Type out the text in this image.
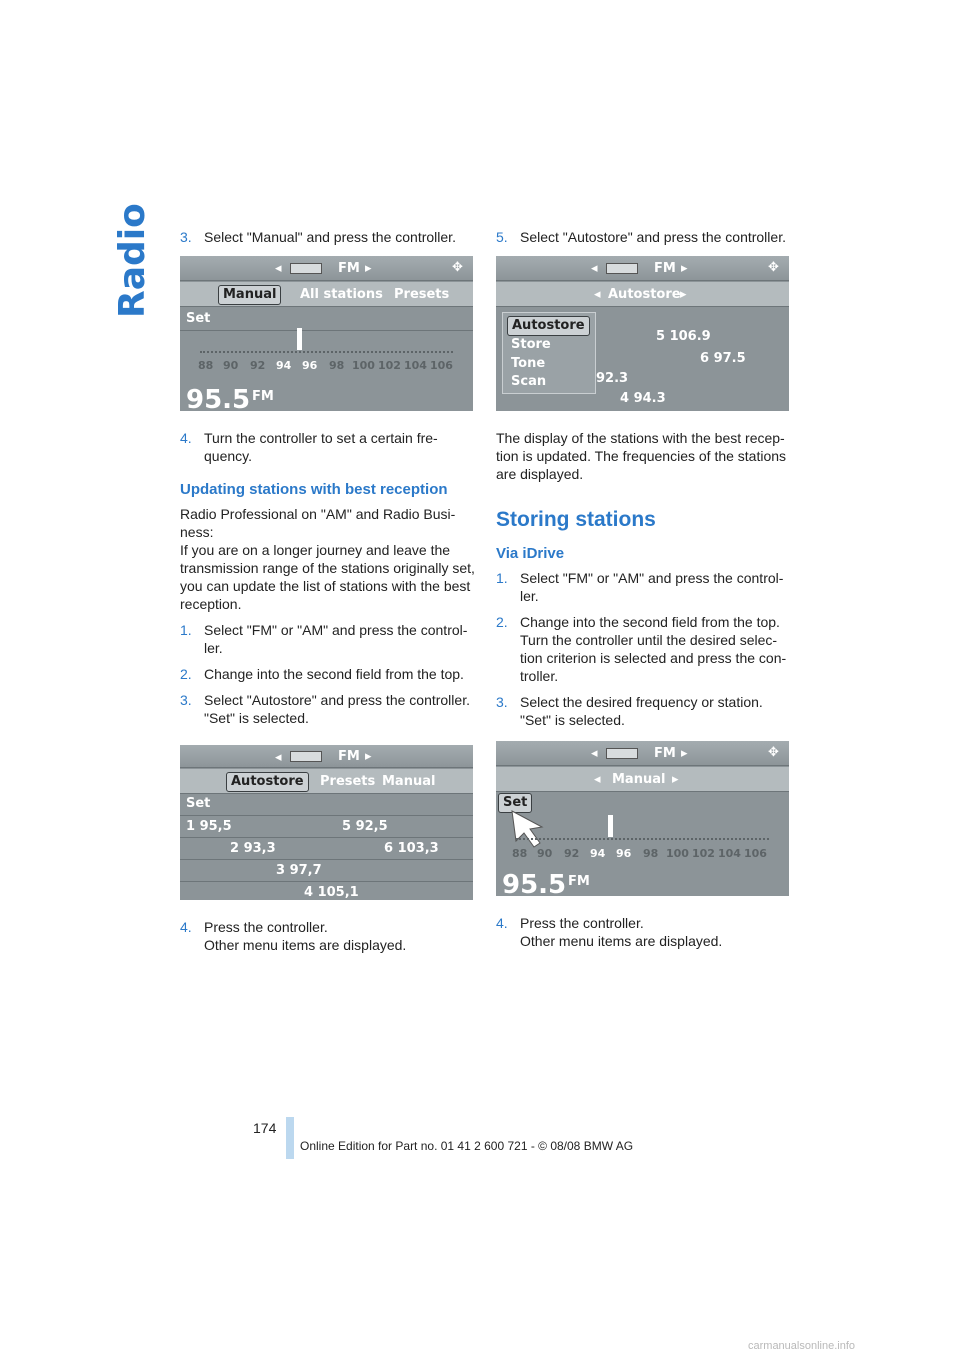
Radio 3. Select "Manual" and press the controller.
◂	FM ▸	✥
Manual	All stations Presets
Set
88 90 92 94 96 98 100 102 104 106
95.5 FM
4. Turn the controller to set a certain fre-quency.
Updating stations with best reception

Radio Professional on "AM" and Radio Busi-ness:

If you are on a longer journey and leave the transmission range of the stations originally set, you can update the list of stations with the best reception.

1. Select "FM" or "AM" and press the control-ler.
2. Change into the second field from the top.
3. Select "Autostore" and press the controller.
"Set" is selected.
◂	FM ▸
Autostore	Presets Manual
Set
1 95,5	5 92,5
2 93,3	6 103,3
3 97,7
4 105,1
4. Press the controller.
Other menu items are displayed.
5. Select "Autostore" and press the controller.
◂	FM ▸	✥
◂ Autostore ▸
5 106.9
6 97.5
92.3
4 94.3
Autostore
Store
Tone
Scan

The display of the stations with the best recep-tion is updated. The frequencies of the stations are displayed.

Storing stations
Via iDrive
1. Select "FM" or "AM" and press the control-ler.
2. Change into the second field from the top. Turn the controller until the desired selec-tion criterion is selected and press the con-troller.
3. Select the desired frequency or station.
"Set" is selected.
◂	FM ▸	✥
◂ Manual ▸
Set
88 90 92 94 96 98 100 102 104 106
95.5 FM
4. Press the controller.
Other menu items are displayed.
174
Online Edition for Part no. 01 41 2 600 721 - © 08/08 BMW AG
carmanualsonline.info
